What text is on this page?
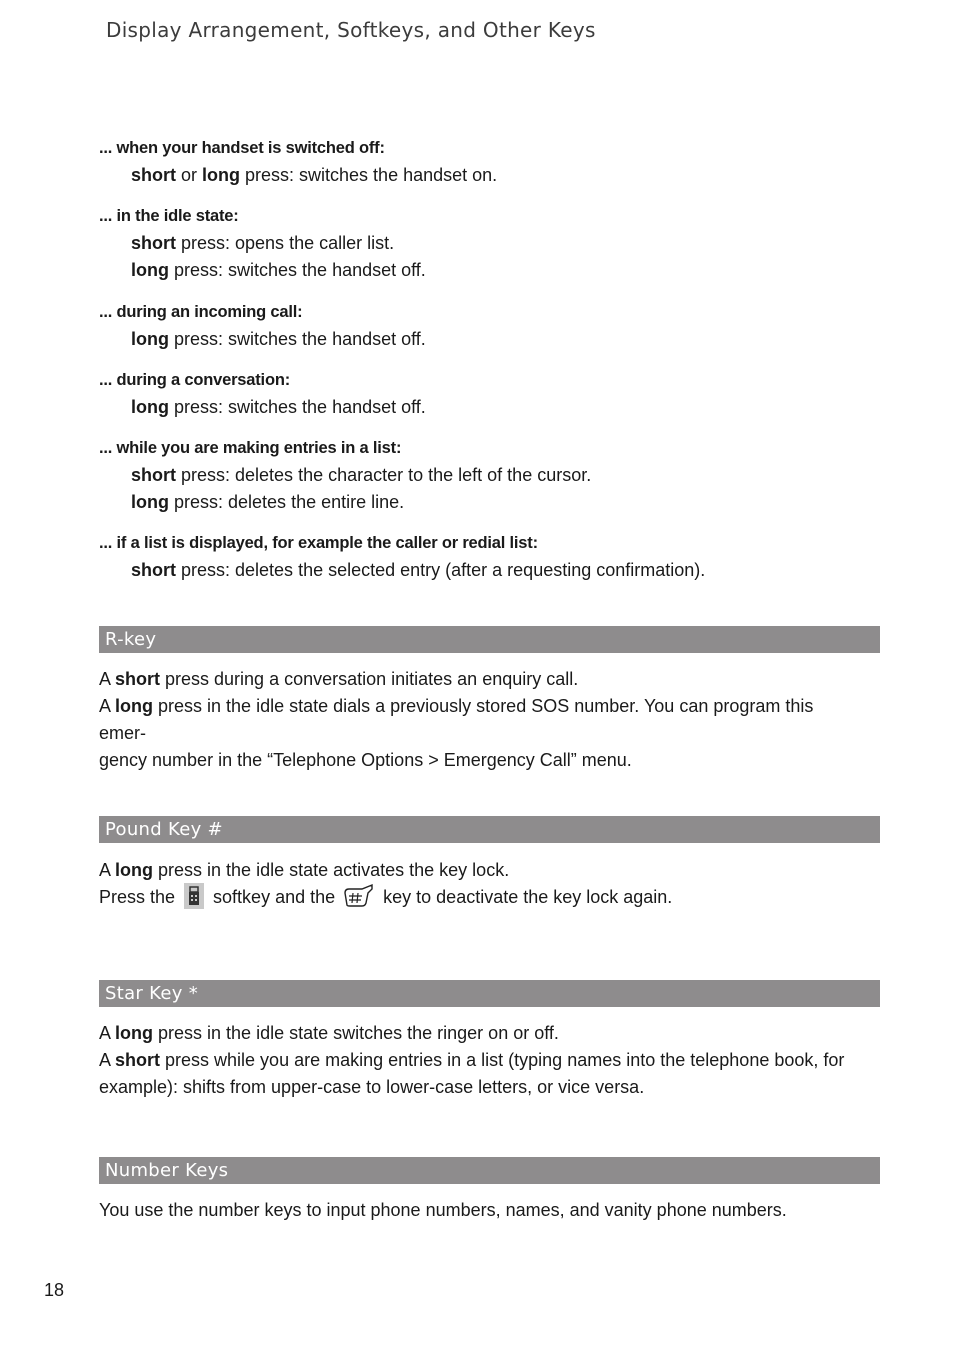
Display Arrangement, Softkeys, and Other Keys
... when your handset is switched off:
short or long press: switches the handset on.
... in the idle state:
short press: opens the caller list.
long press: switches the handset off.
... during an incoming call:
long press: switches the handset off.
... during a conversation:
long press: switches the handset off.
... while you are making entries in a list:
short press: deletes the character to the left of the cursor.
long press: deletes the entire line.
... if a list is displayed, for example the caller or redial list:
short press: deletes the selected entry (after a requesting confirmation).
R-key
A short press during a conversation initiates an enquiry call.
A long press in the idle state dials a previously stored SOS number. You can program this emer-
gency number in the “Telephone Options > Emergency Call” menu.
Pound Key #
A long press in the idle state activates the key lock.
Press the  softkey and the  key to deactivate the key lock again.
Star Key *
A long press in the idle state switches the ringer on or off.
A short press while you are making entries in a list (typing names into the telephone book, for
example): shifts from upper-case to lower-case letters, or vice versa.
Number Keys
You use the number keys to input phone numbers, names, and vanity phone numbers.
18
